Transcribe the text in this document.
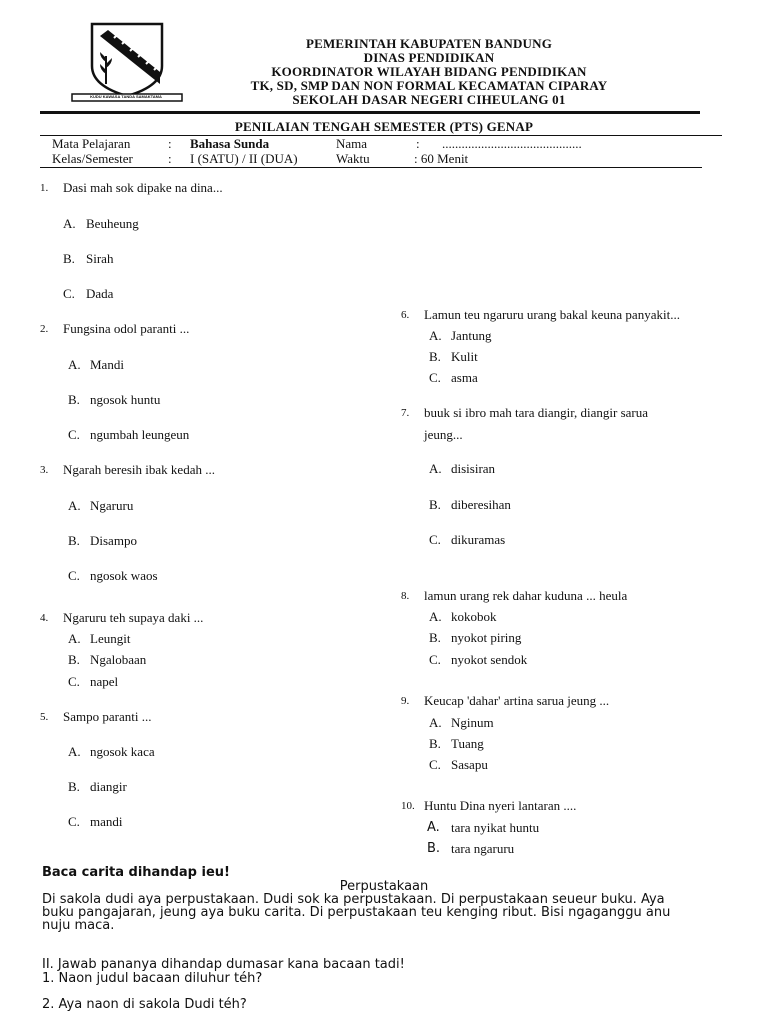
KUDU KAWASA TANDA SAMAKTAMA
PEMERINTAH KABUPATEN BANDUNG
DINAS PENDIDIKAN
KOORDINATOR WILAYAH BIDANG PENDIDIKAN
TK, SD, SMP DAN NON FORMAL KECAMATAN CIPARAY
SEKOLAH DASAR NEGERI CIHEULANG 01
PENILAIAN TENGAH SEMESTER (PTS) GENAP
Mata Pelajaran	: Bahasa Sunda	Nama	: ...........................................
Kelas/Semester	: I (SATU) / II (DUA)	Waktu	: 60 Menit
1. Dasi mah sok dipake na dina...
A. Beuheung
B. Sirah
C. Dada
2. Fungsina odol paranti ...
A. Mandi
B. ngosok huntu
C. ngumbah leungeun
3. Ngarah beresih ibak kedah ...
A. Ngaruru
B. Disampo
C. ngosok waos
4. Ngaruru teh supaya daki ...
A. Leungit
B. Ngalobaan
C. napel
5. Sampo paranti ...
A. ngosok kaca
B. diangir
C. mandi
6. Lamun teu ngaruru urang bakal keuna panyakit...
A. Jantung
B. Kulit
C. asma
7. buuk si ibro mah tara diangir, diangir sarua
jeung...
A. disisiran
B. diberesihan
C. dikuramas
8. lamun urang rek dahar kuduna ... heula
A. kokobok
B. nyokot piring
C. nyokot sendok
9. Keucap 'dahar' artina sarua jeung ...
A. Nginum
B. Tuang
C. Sasapu
10. Huntu Dina nyeri lantaran ....
A. tara nyikat huntu
B. tara ngaruru
Baca carita dihandap ieu!
Perpustakaan
Di sakola dudi aya perpustakaan. Dudi sok ka perpustakaan. Di perpustakaan seueur buku. Aya
buku pangajaran, jeung aya buku carita. Di perpustakaan teu kenging ribut. Bisi ngaganggu anu
nuju maca.
II. Jawab pananya dihandap dumasar kana bacaan tadi!
1. Naon judul bacaan diluhur téh?
2. Aya naon di sakola Dudi téh?
